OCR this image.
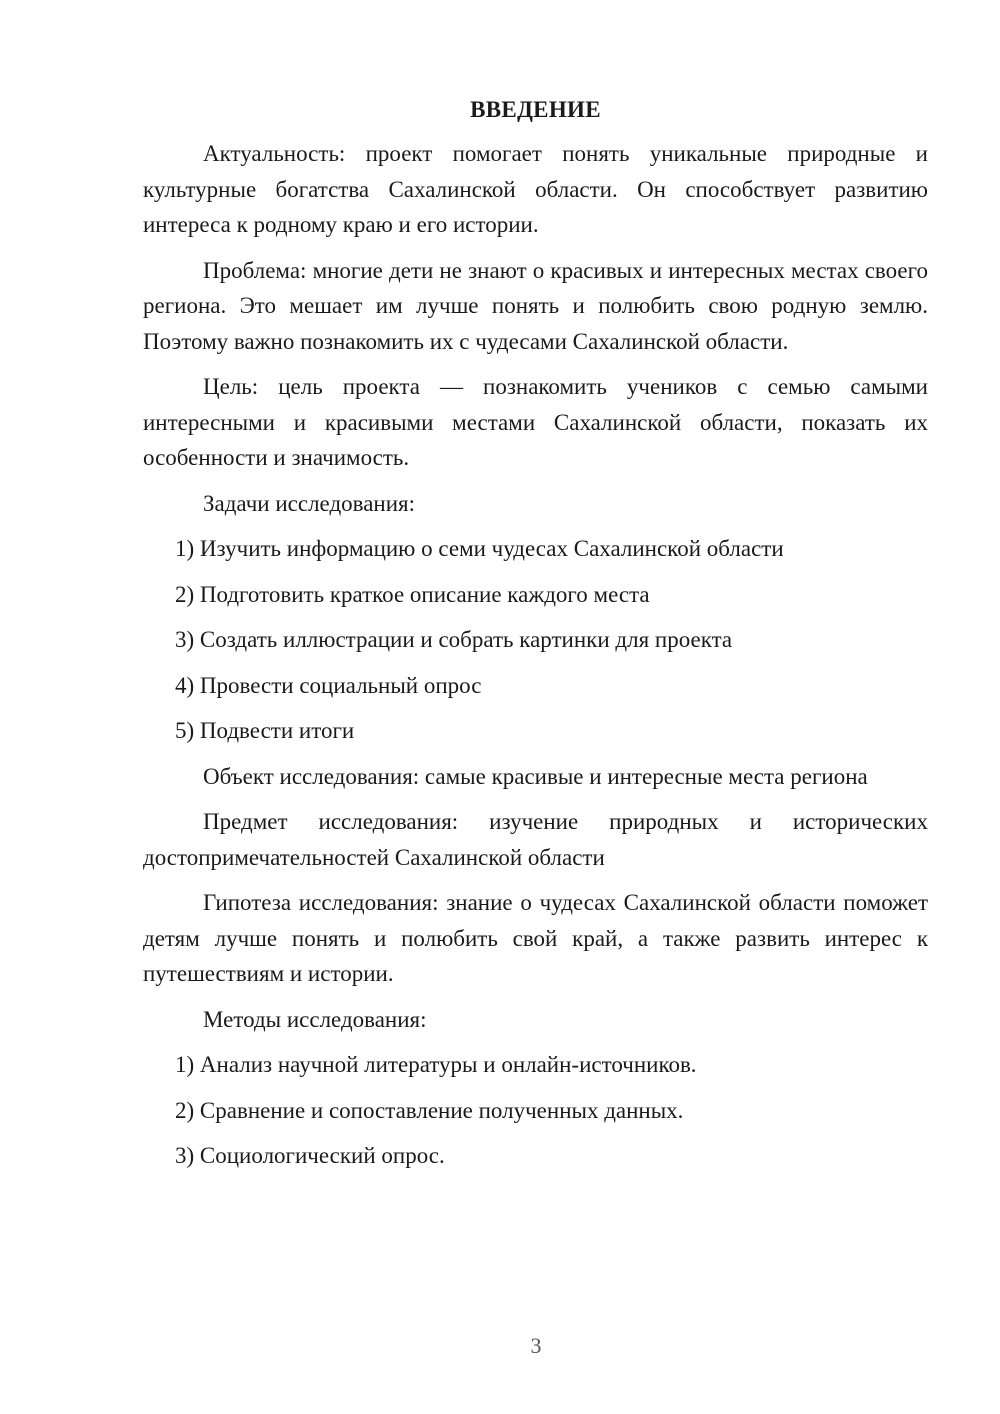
ВВЕДЕНИЕ

Актуальность: проект помогает понять уникальные природные и культурные богатства Сахалинской области. Он способствует развитию интереса к родному краю и его истории.

Проблема: многие дети не знают о красивых и интересных местах своего региона. Это мешает им лучше понять и полюбить свою родную землю. Поэтому важно познакомить их с чудесами Сахалинской области.

Цель: цель проекта — познакомить учеников с семью самыми интересными и красивыми местами Сахалинской области, показать их особенности и значимость.

Задачи исследования:

1) Изучить информацию о семи чудесах Сахалинской области
2) Подготовить краткое описание каждого места
3) Создать иллюстрации и собрать картинки для проекта
4) Провести социальный опрос
5) Подвести итоги

Объект исследования: самые красивые и интересные места региона

Предмет исследования: изучение природных и исторических достопримечательностей Сахалинской области

Гипотеза исследования: знание о чудесах Сахалинской области поможет детям лучше понять и полюбить свой край, а также развить интерес к путешествиям и истории.

Методы исследования:

1) Анализ научной литературы и онлайн-источников.
2) Сравнение и сопоставление полученных данных.
3) Социологический опрос.
3
